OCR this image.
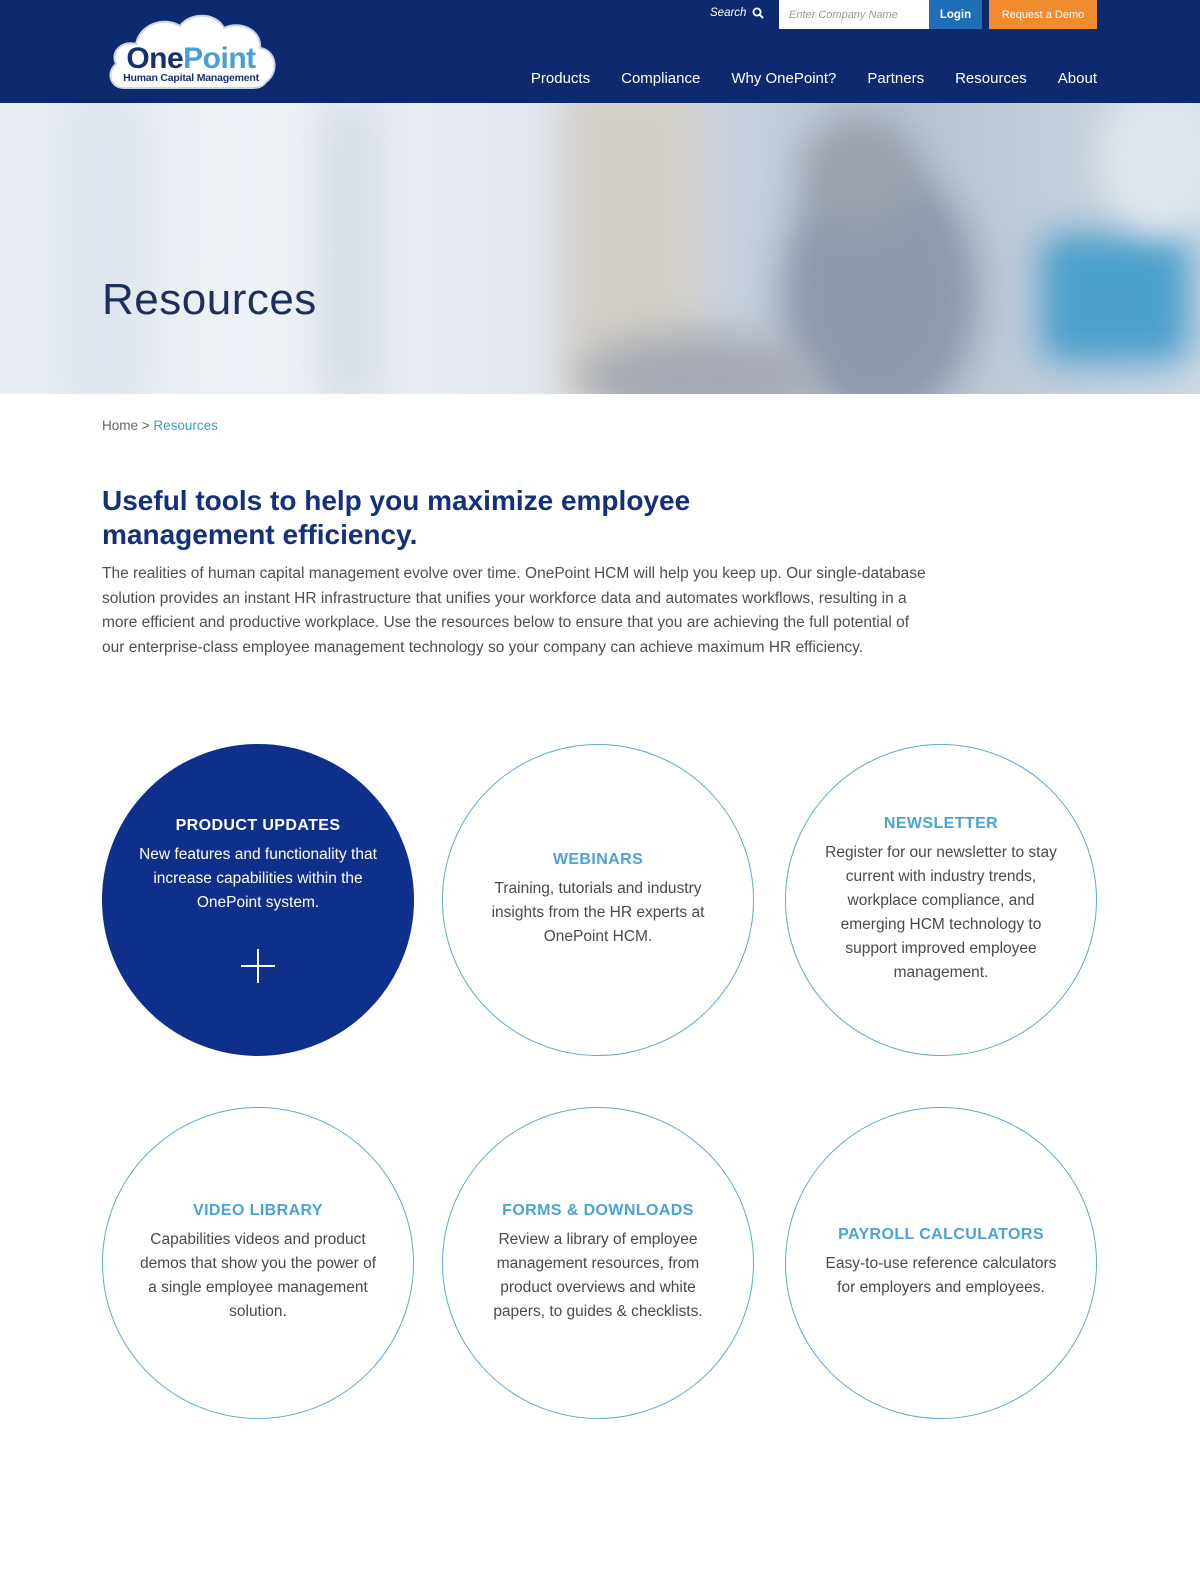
OnePoint
Human Capital Management
Search
Enter Company Name	Login	Request a Demo
Products Compliance Why OnePoint? Partners Resources About
Resources
Home > Resources
Useful tools to help you maximize employee management efficiency.

The realities of human capital management evolve over time. OnePoint HCM will help you keep up. Our single-database solution provides an instant HR infrastructure that unifies your workforce data and automates workflows, resulting in a more efficient and productive workplace. Use the resources below to ensure that you are achieving the full potential of our enterprise-class employee management technology so your company can achieve maximum HR efficiency.

PRODUCT UPDATES
New features and functionality that increase capabilities within the OnePoint system.
WEBINARS
Training, tutorials and industry insights from the HR experts at OnePoint HCM.
NEWSLETTER
Register for our newsletter to stay current with industry trends, workplace compliance, and emerging HCM technology to support improved employee management.
VIDEO LIBRARY
Capabilities videos and product demos that show you the power of a single employee management solution.
FORMS & DOWNLOADS
Review a library of employee management resources, from product overviews and white papers, to guides & checklists.
PAYROLL CALCULATORS
Easy-to-use reference calculators for employers and employees.
